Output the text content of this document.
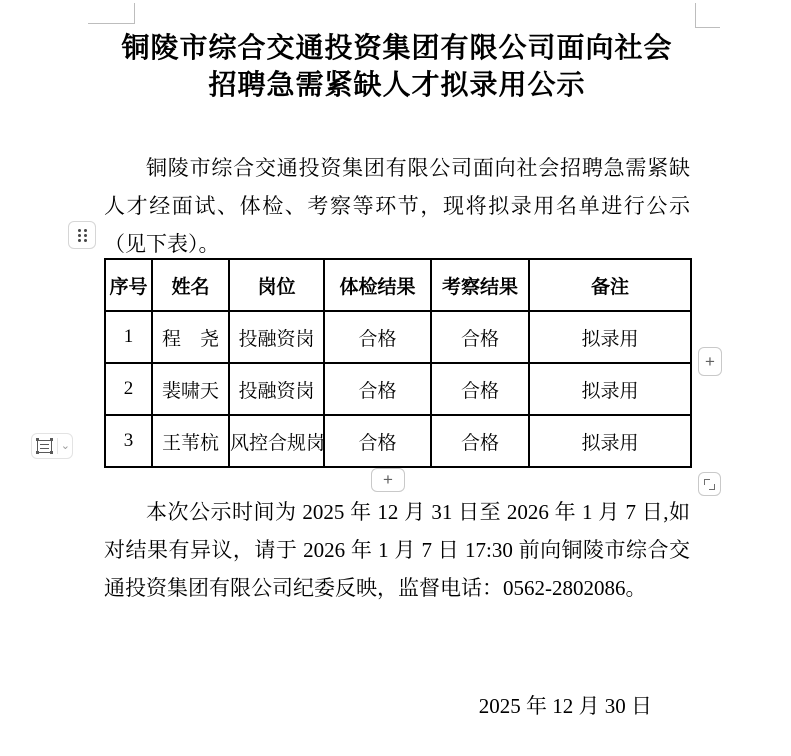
铜陵市综合交通投资集团有限公司面向社会
招聘急需紧缺人才拟录用公示
铜陵市综合交通投资集团有限公司面向社会招聘急需紧缺人才经面试、体检、考察等环节，现将拟录用名单进行公示（见下表）。
序号	姓名	岗位	体检结果	考察结果	备注
1	程　尧	投融资岗	合格	合格	拟录用
2	裴啸天	投融资岗	合格	合格	拟录用
3	王苇杭	风控合规岗	合格	合格	拟录用
⌄
+
+
本次公示时间为 2025 年 12 月 31 日至 2026 年 1 月 7 日,如对结果有异议，请于 2026 年 1 月 7 日 17:30 前向铜陵市综合交通投资集团有限公司纪委反映，监督电话：0562-2802086。
2025 年 12 月 30 日
